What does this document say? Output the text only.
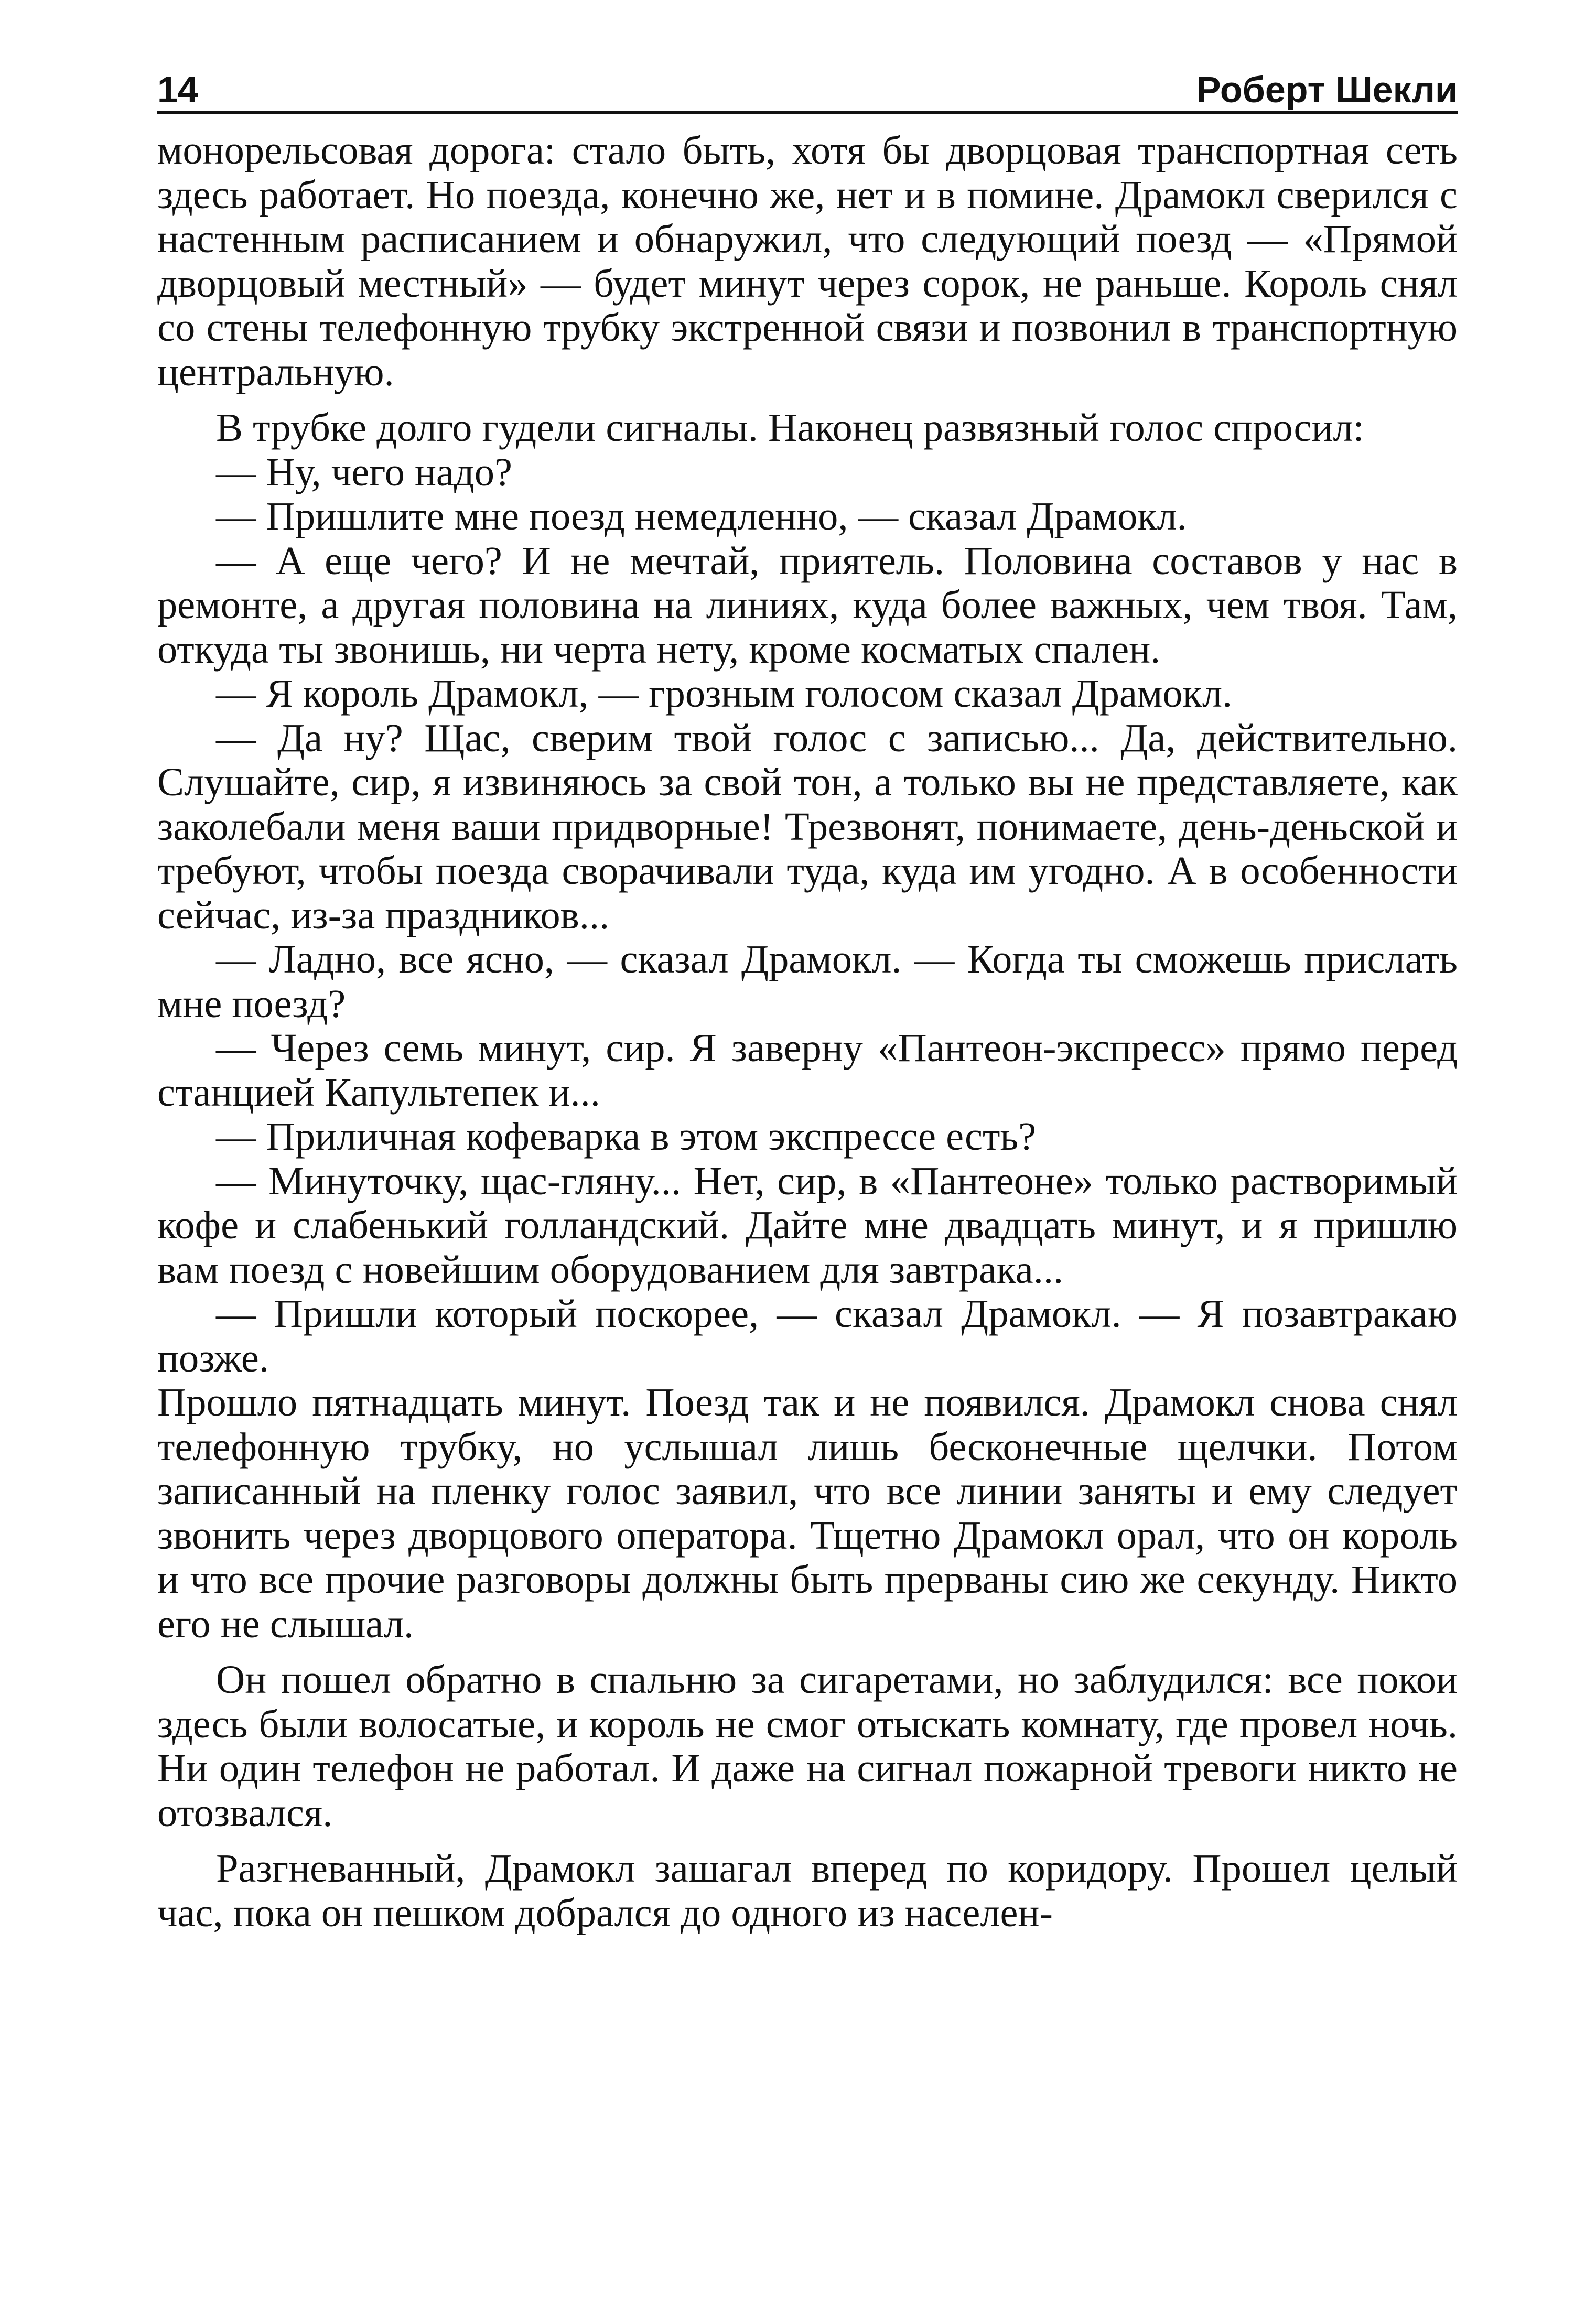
14	Роберт Шекли

монорельсовая дорога: стало быть, хотя бы дворцовая транспортная сеть здесь работает. Но поезда, конечно же, нет и в помине. Драмокл сверился с настенным расписанием и обнаружил, что следующий поезд — «Прямой дворцовый местный» — будет минут через сорок, не раньше. Король снял со стены телефонную трубку экстренной связи и позвонил в транспортную центральную.

В трубке долго гудели сигналы. Наконец развязный голос спросил:

— Ну, чего надо?

— Пришлите мне поезд немедленно, — сказал Драмокл.

— А еще чего? И не мечтай, приятель. Половина составов у нас в ремонте, а другая половина на линиях, куда более важных, чем твоя. Там, откуда ты звонишь, ни черта нету, кроме косматых спален.

— Я король Драмокл, — грозным голосом сказал Драмокл.

— Да ну? Щас, сверим твой голос с записью... Да, действительно. Слушайте, сир, я извиняюсь за свой тон, а только вы не представляете, как заколебали меня ваши придворные! Трезвонят, понимаете, день-деньской и требуют, чтобы поезда сворачивали туда, куда им угодно. А в особенности сейчас, из-за праздников...

— Ладно, все ясно, — сказал Драмокл. — Когда ты сможешь прислать мне поезд?

— Через семь минут, сир. Я заверну «Пантеон-экспресс» прямо перед станцией Капультепек и...

— Приличная кофеварка в этом экспрессе есть?

— Минуточку, щас-гляну... Нет, сир, в «Пантеоне» только растворимый кофе и слабенький голландский. Дайте мне двадцать минут, и я пришлю вам поезд с новейшим оборудованием для завтрака...

— Пришли который поскорее, — сказал Драмокл. — Я позавтракаю позже.

Прошло пятнадцать минут. Поезд так и не появился. Драмокл снова снял телефонную трубку, но услышал лишь бесконечные щелчки. Потом записанный на пленку голос заявил, что все линии заняты и ему следует звонить через дворцового оператора. Тщетно Драмокл орал, что он король и что все прочие разговоры должны быть прерваны сию же секунду. Никто его не слышал.

Он пошел обратно в спальню за сигаретами, но заблудился: все покои здесь были волосатые, и король не смог отыскать комнату, где провел ночь. Ни один телефон не работал. И даже на сигнал пожарной тревоги никто не отозвался.

Разгневанный, Драмокл зашагал вперед по коридору. Прошел целый час, пока он пешком добрался до одного из населен-
